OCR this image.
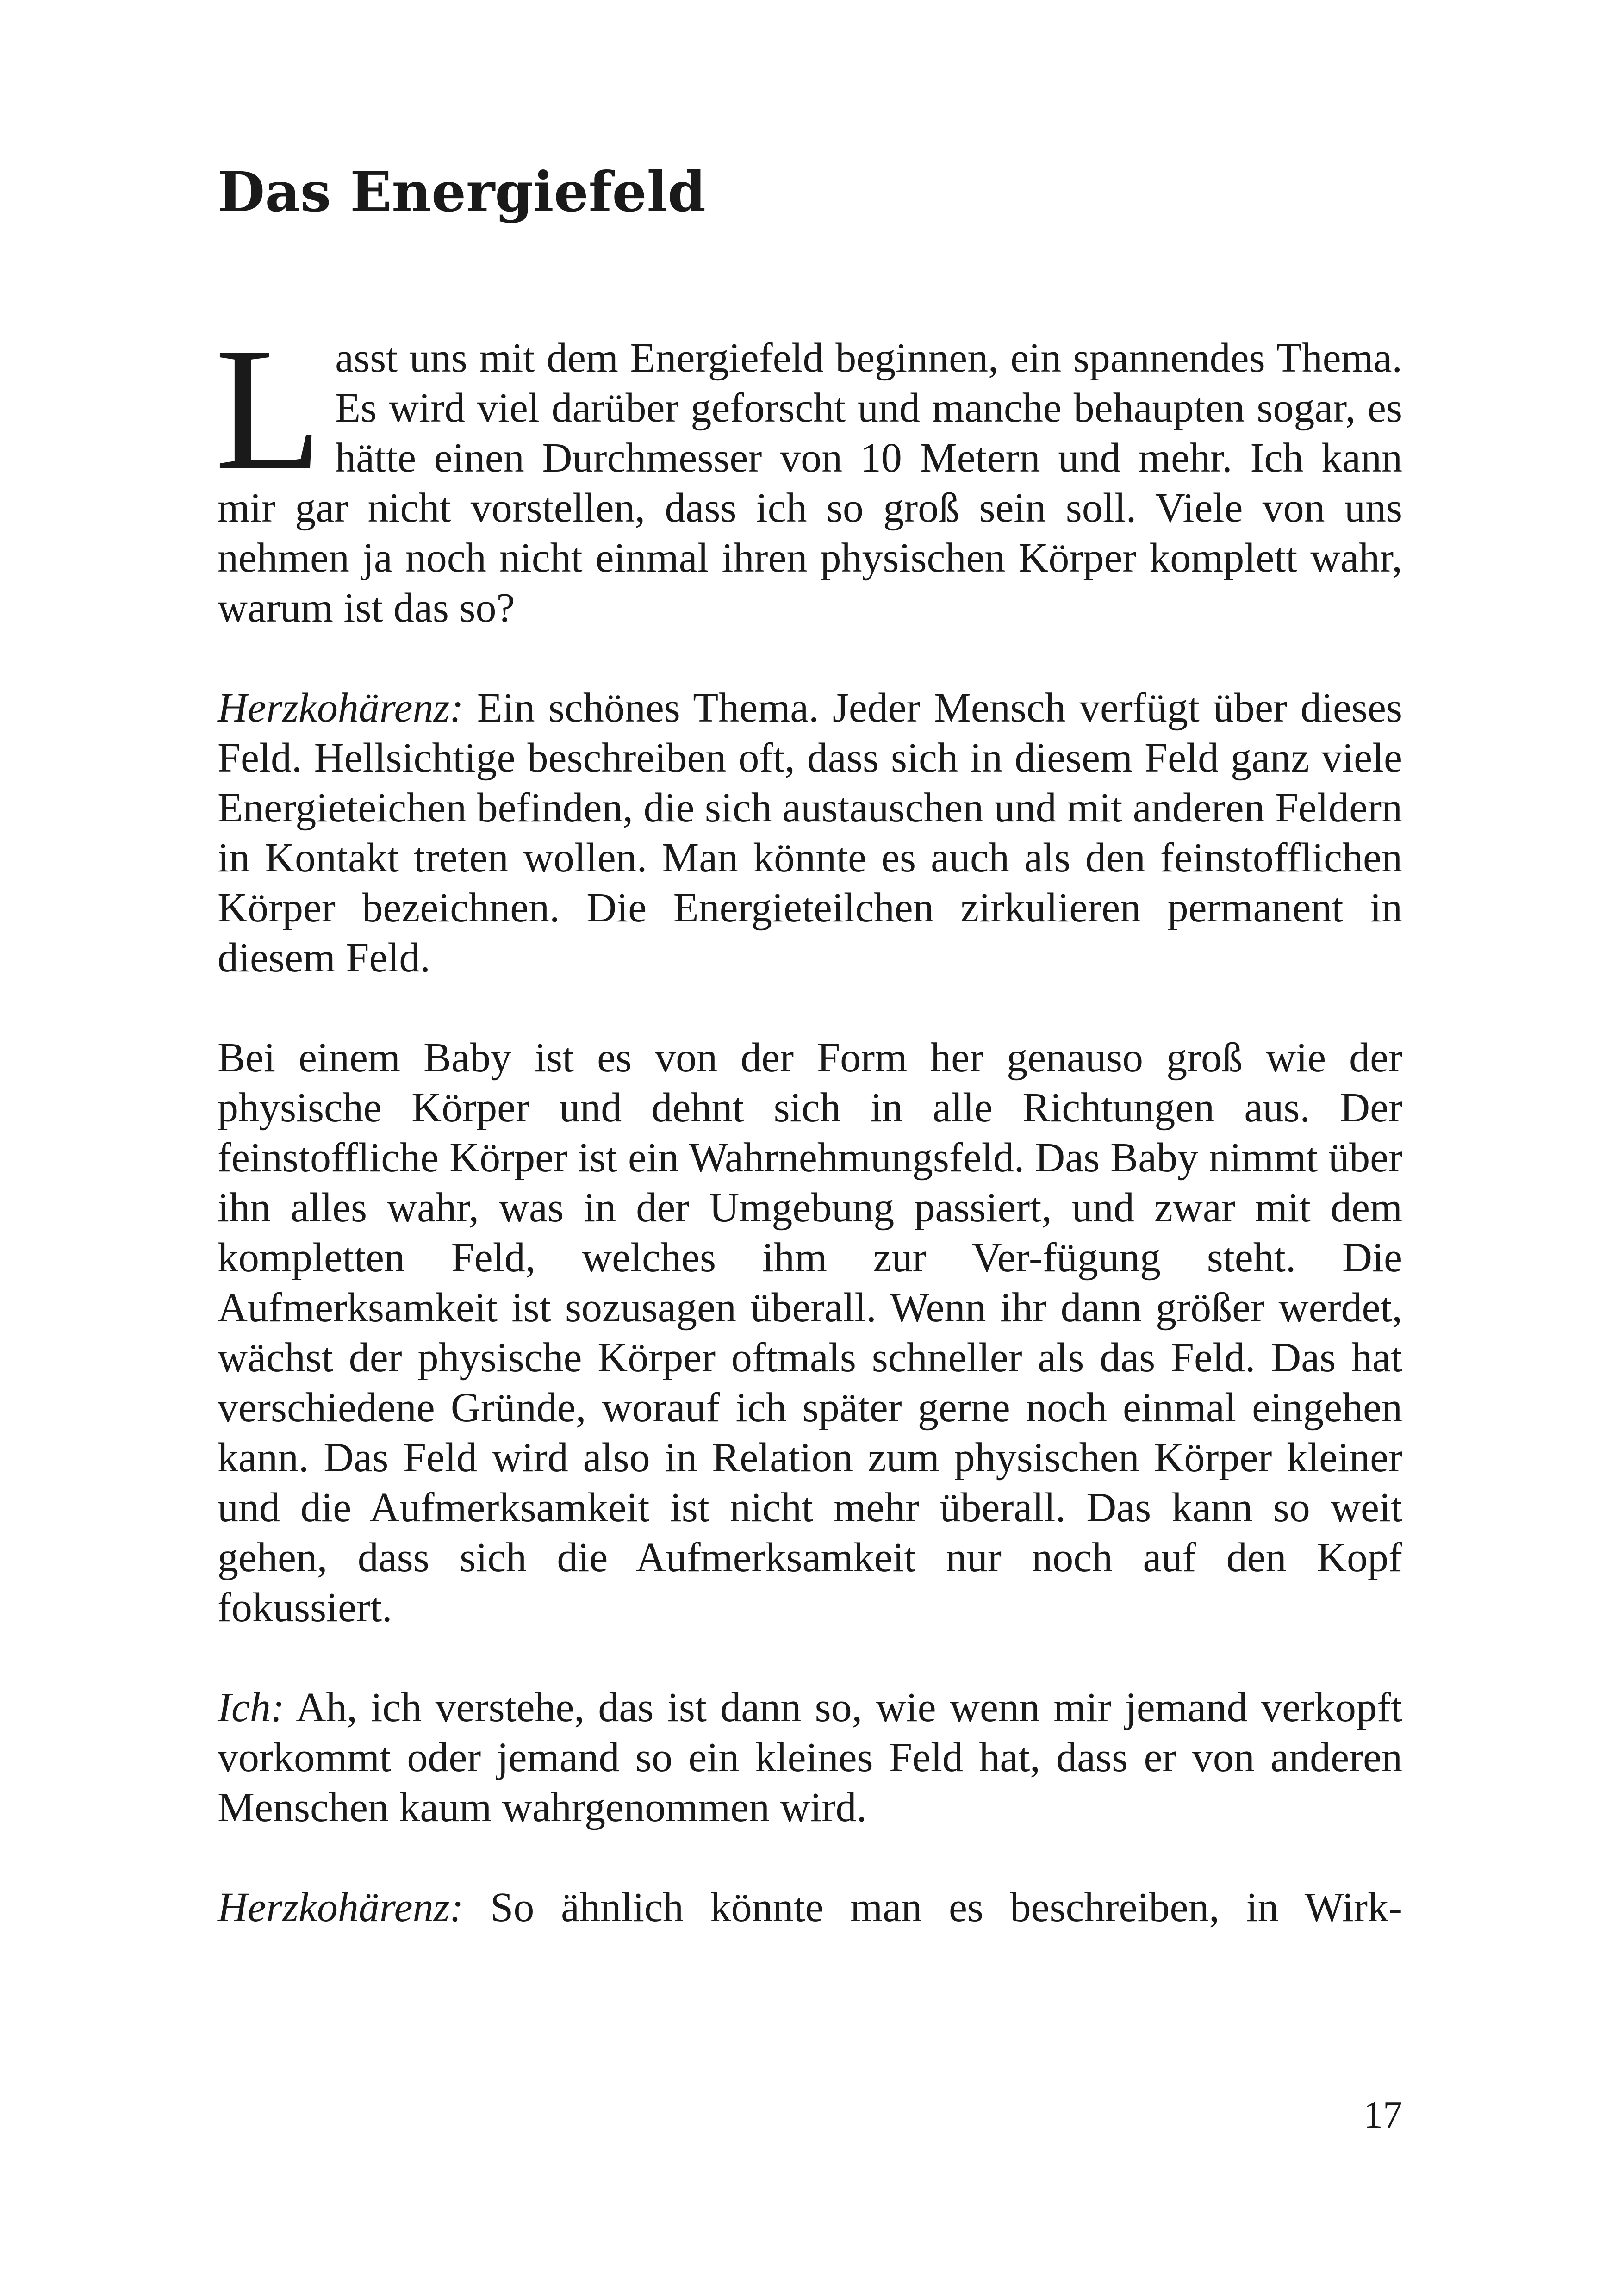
Das Energiefeld

Lasst uns mit dem Energiefeld beginnen, ein spannendes Thema. Es wird viel darüber geforscht und manche behaupten sogar, es hätte einen Durchmesser von 10 Metern und mehr. Ich kann mir gar nicht vorstellen, dass ich so groß sein soll. Viele von uns nehmen ja noch nicht einmal ihren physischen Körper komplett wahr, warum ist das so?

Herzkohärenz: Ein schönes Thema. Jeder Mensch verfügt über dieses Feld. Hellsichtige beschreiben oft, dass sich in diesem Feld ganz viele Energieteichen befinden, die sich austauschen und mit anderen Feldern in Kontakt treten wollen. Man könnte es auch als den feinstofflichen Körper bezeichnen. Die Energieteilchen zirkulieren permanent in diesem Feld.

Bei einem Baby ist es von der Form her genauso groß wie der physische Körper und dehnt sich in alle Richtungen aus. Der feinstoffliche Körper ist ein Wahrnehmungsfeld. Das Baby nimmt über ihn alles wahr, was in der Umgebung passiert, und zwar mit dem kompletten Feld, welches ihm zur Ver-fügung steht. Die Aufmerksamkeit ist sozusagen überall. Wenn ihr dann größer werdet, wächst der physische Körper oftmals schneller als das Feld. Das hat verschiedene Gründe, worauf ich später gerne noch einmal eingehen kann. Das Feld wird also in Relation zum physischen Körper kleiner und die Aufmerksamkeit ist nicht mehr überall. Das kann so weit gehen, dass sich die Aufmerksamkeit nur noch auf den Kopf fokussiert.

Ich: Ah, ich verstehe, das ist dann so, wie wenn mir jemand verkopft vorkommt oder jemand so ein kleines Feld hat, dass er von anderen Menschen kaum wahrgenommen wird.

Herzkohärenz: So ähnlich könnte man es beschreiben, in Wirk-

17
